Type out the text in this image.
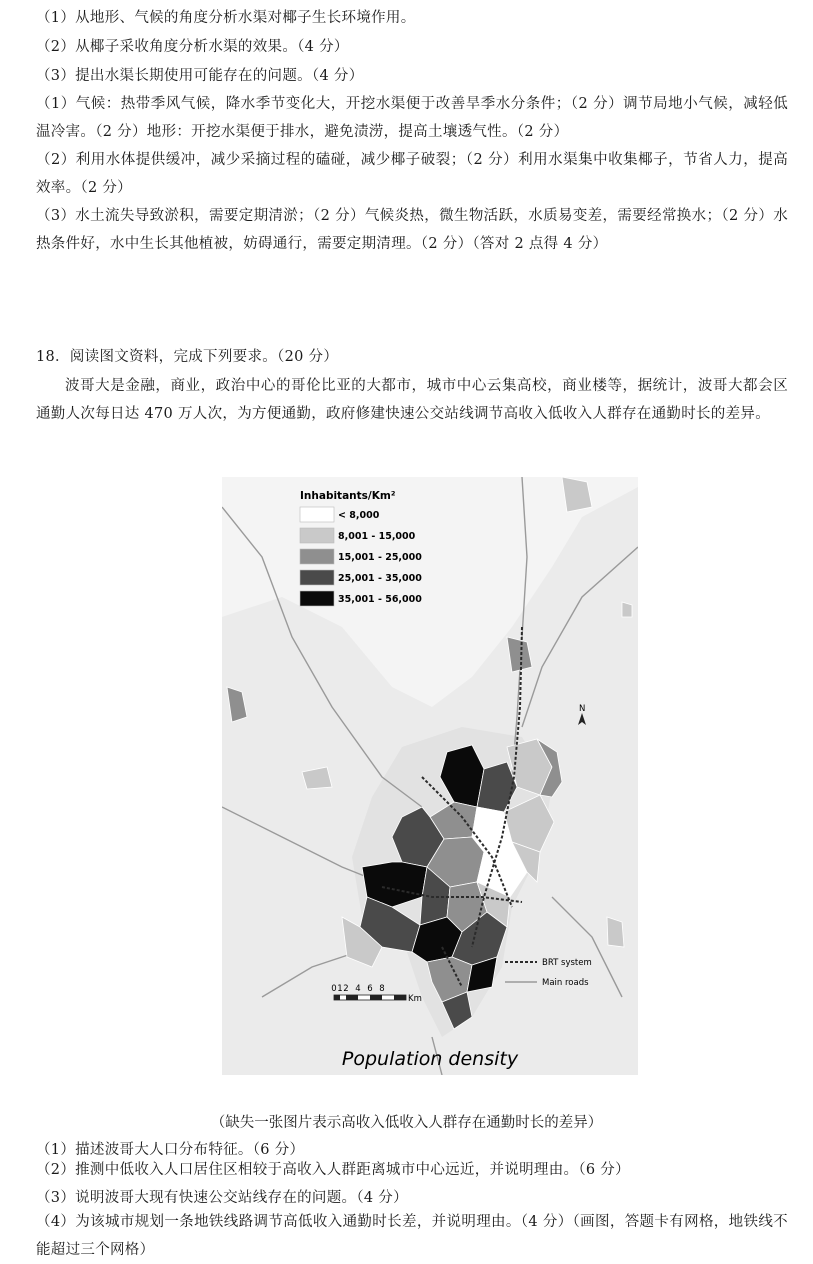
（1）从地形、气候的角度分析水渠对椰子生长环境作用。
（2）从椰子采收角度分析水渠的效果。（4 分）
（3）提出水渠长期使用可能存在的问题。（4 分）
（1）气候：热带季风气候，降水季节变化大，开挖水渠便于改善旱季水分条件；（2 分）调节局地小气候，减轻低温冷害。（2 分）地形：开挖水渠便于排水，避免渍涝，提高土壤透气性。（2 分）
（2）利用水体提供缓冲，减少采摘过程的磕碰，减少椰子破裂；（2 分）利用水渠集中收集椰子，节省人力，提高效率。（2 分）
（3）水土流失导致淤积，需要定期清淤；（2 分）气候炎热，微生物活跃，水质易变差，需要经常换水；（2 分）水热条件好，水中生长其他植被，妨碍通行，需要定期清理。（2 分）（答对 2 点得 4 分）
18．阅读图文资料，完成下列要求。（20 分）
波哥大是金融，商业，政治中心的哥伦比亚的大都市，城市中心云集高校，商业楼等，据统计，波哥大都会区通勤人次每日达 470 万人次，为方便通勤，政府修建快速公交站线调节高收入低收入人群存在通勤时长的差异。
Inhabitants/Km²
< 8,000
8,001 - 15,000
15,001 - 25,000
25,001 - 35,000
35,001 - 56,000
N
BRT system
Main roads
0 1 2 4 6 8
Km
Population density
（缺失一张图片表示高收入低收入人群存在通勤时长的差异）
（1）描述波哥大人口分布特征。（6 分）
（2）推测中低收入人口居住区相较于高收入人群距离城市中心远近，并说明理由。（6 分）
（3）说明波哥大现有快速公交站线存在的问题。（4 分）
（4）为该城市规划一条地铁线路调节高低收入通勤时长差，并说明理由。（4 分）（画图，答题卡有网格，地铁线不能超过三个网格）
